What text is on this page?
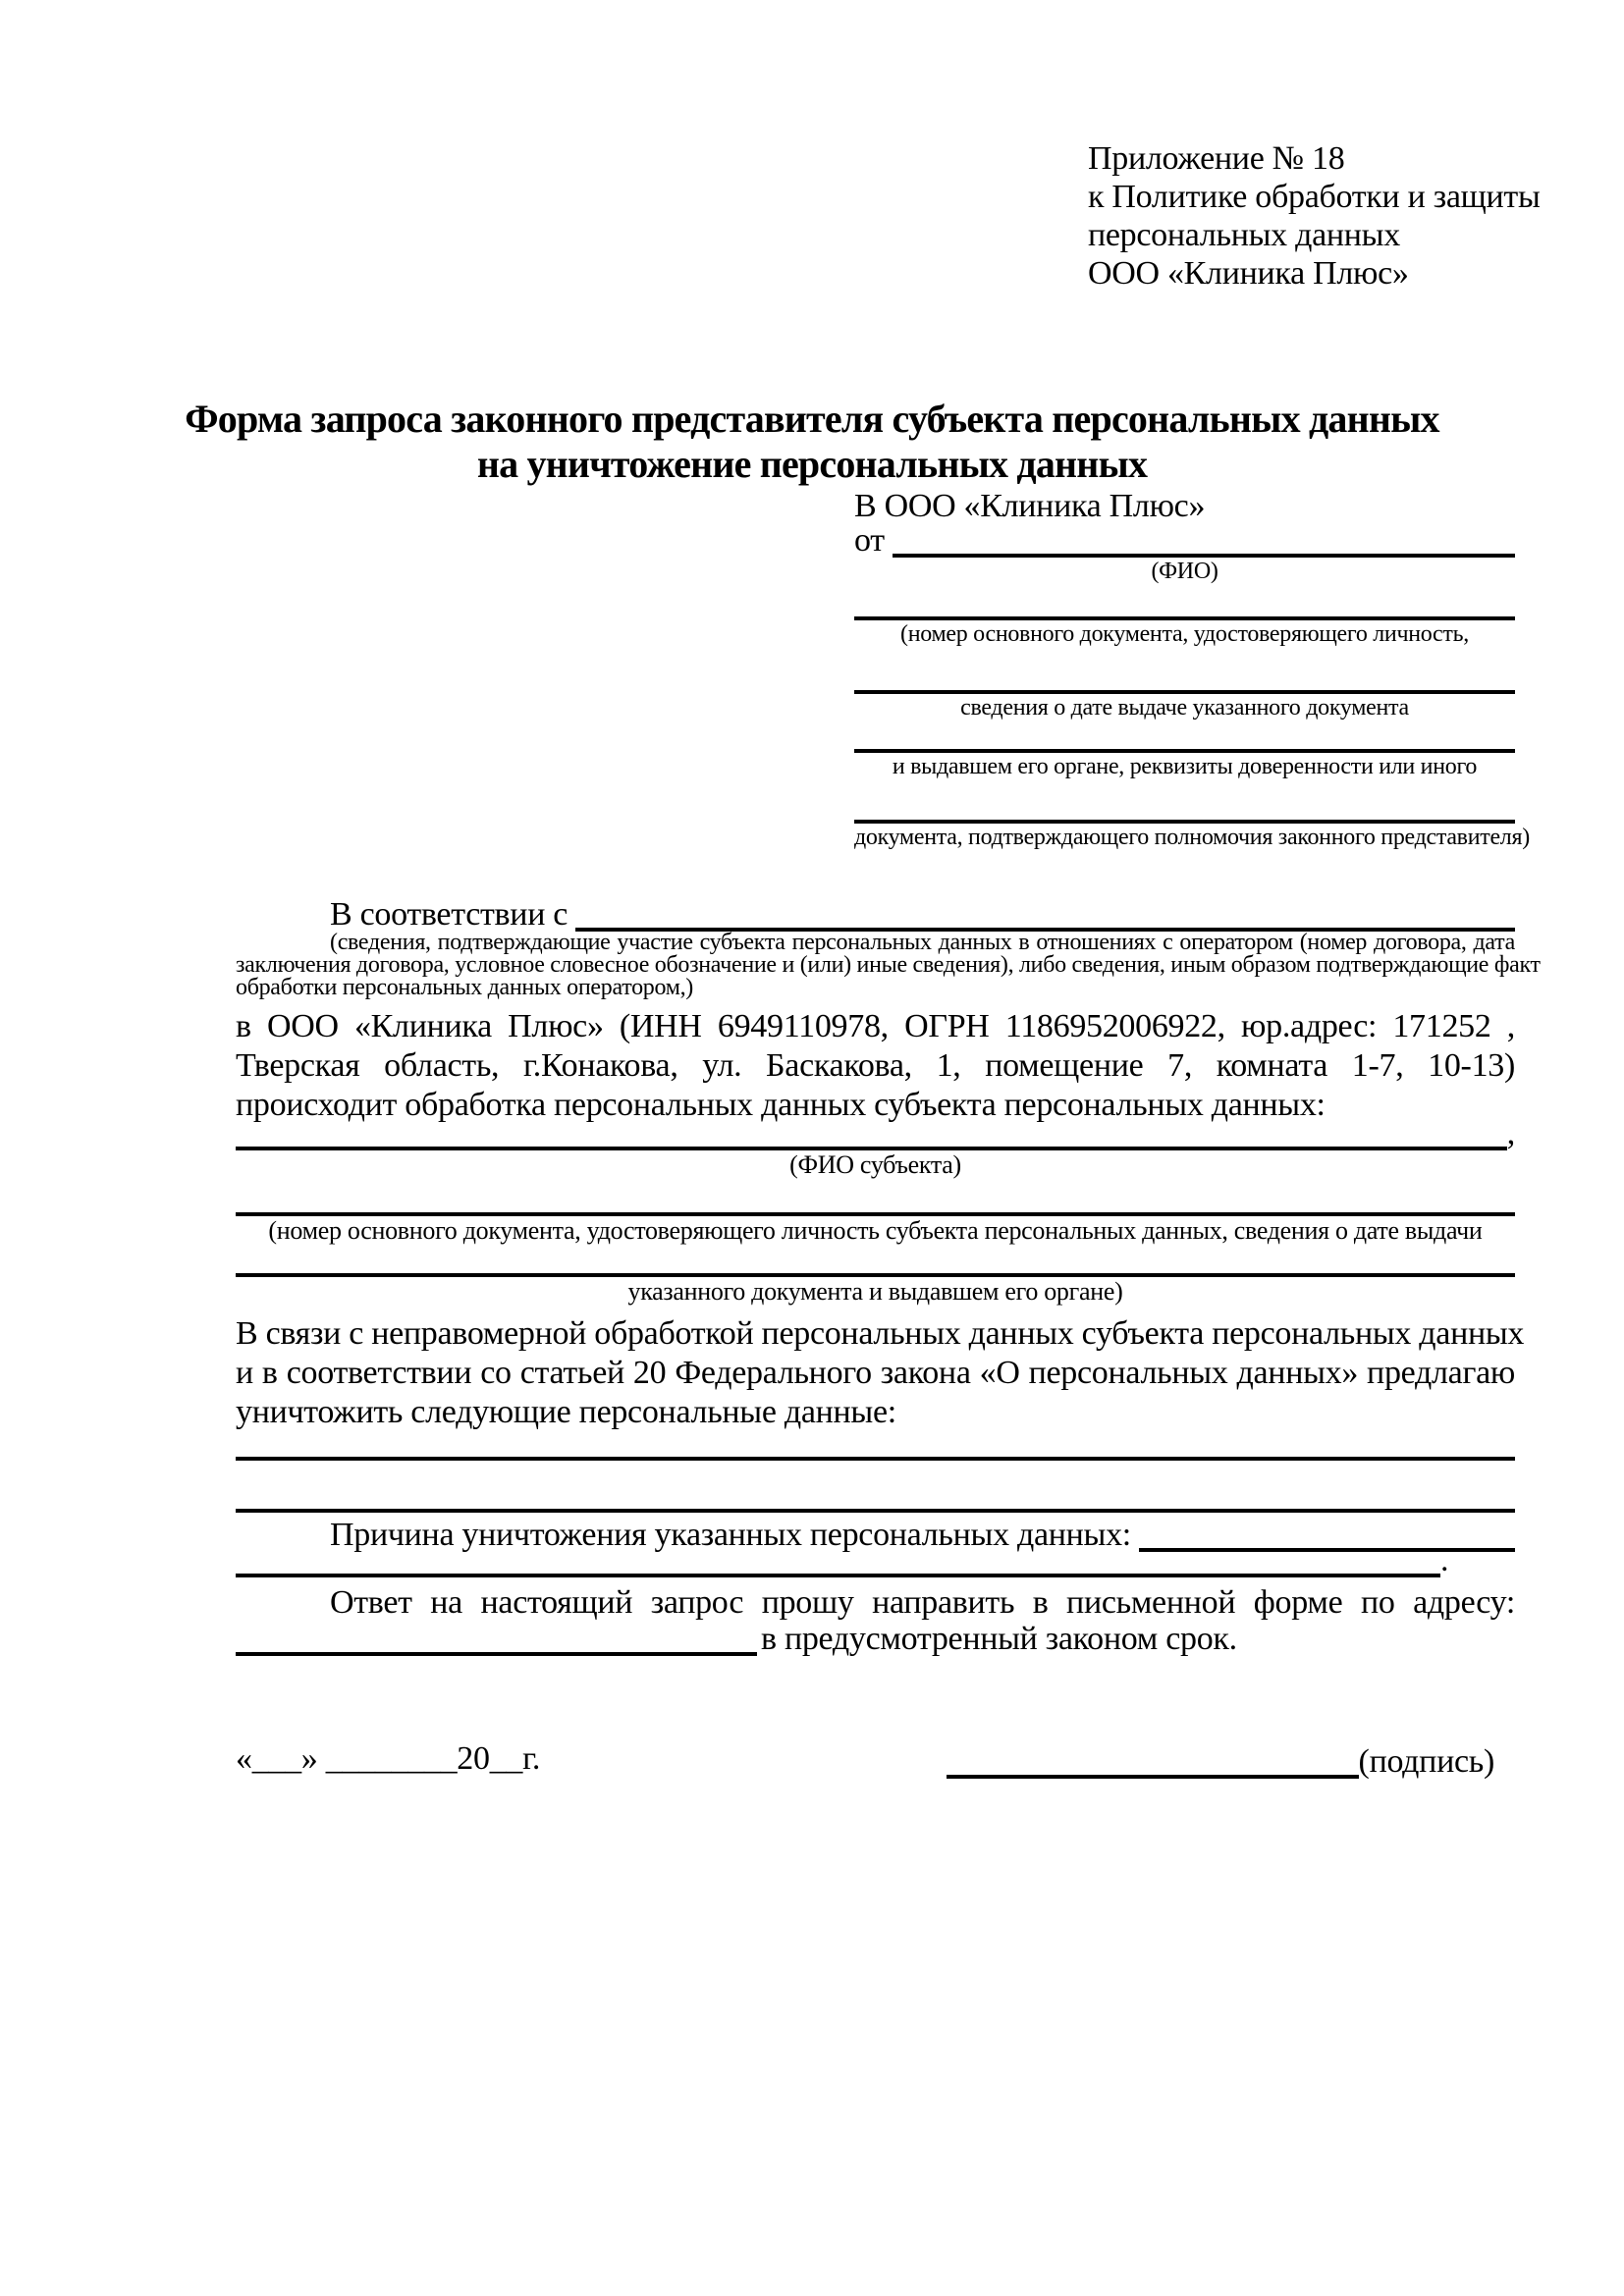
Приложение № 18
к Политике обработки и защиты
персональных данных
ООО «Клиника Плюс»
Форма запроса законного представителя субъекта персональных данных
на уничтожение персональных данных
В ООО «Клиника Плюс»
от
(ФИО)
(номер основного документа, удостоверяющего личность,
сведения о дате выдаче указанного документа
и выдавшем его органе, реквизиты доверенности или иного
документа, подтверждающего полномочия законного представителя)
В соответствии с
(сведения, подтверждающие участие субъекта персональных данных в отношениях с оператором (номер договора, дата
заключения договора, условное словесное обозначение и (или) иные сведения), либо сведения, иным образом подтверждающие факт
обработки персональных данных оператором,)
в ООО «Клиника Плюс» (ИНН 6949110978, ОГРН 1186952006922, юр.адрес: 171252 ,
Тверская область, г.Конакова, ул. Баскакова, 1, помещение 7, комната 1-7, 10-13)
происходит обработка персональных данных субъекта персональных данных:
,
(ФИО субъекта)
(номер основного документа, удостоверяющего личность субъекта персональных данных, сведения о дате выдачи
указанного документа и выдавшем его органе)
В связи с неправомерной обработкой персональных данных субъекта персональных данных
и в соответствии со статьей 20 Федерального закона «О персональных данных» предлагаю
уничтожить следующие персональные данные:
Причина уничтожения указанных персональных данных:
.
Ответ на настоящий запрос прошу направить в письменной форме по адресу:
в предусмотренный законом срок.
«___» ________20__г.	(подпись)
